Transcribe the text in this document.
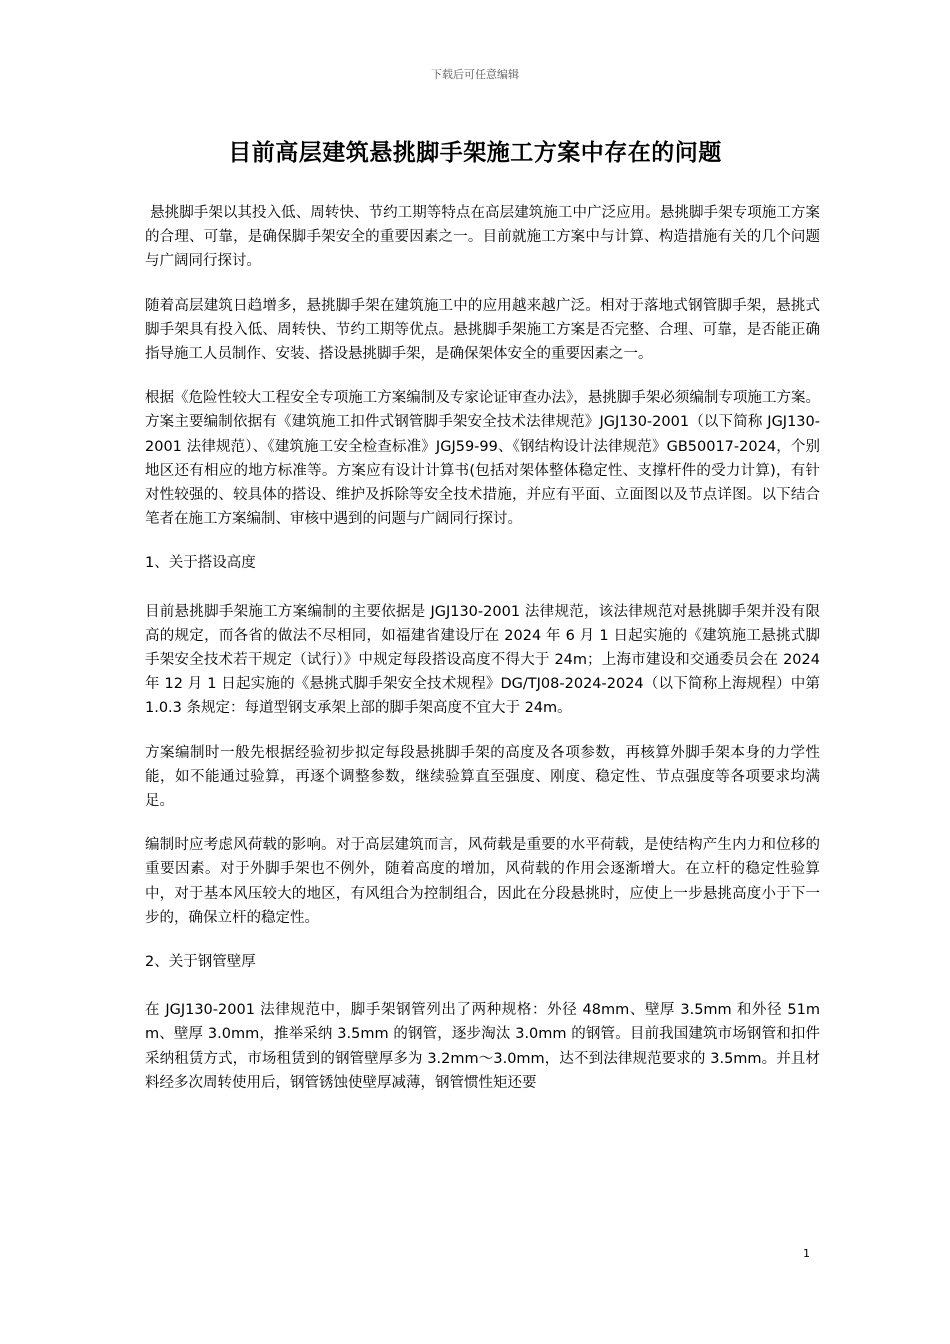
下载后可任意编辑
目前高层建筑悬挑脚手架施工方案中存在的问题

悬挑脚手架以其投入低、周转快、节约工期等特点在高层建筑施工中广泛应用。悬挑脚手架专项施工方案的合理、可靠，是确保脚手架安全的重要因素之一。目前就施工方案中与计算、构造措施有关的几个问题与广阔同行探讨。

随着高层建筑日趋增多，悬挑脚手架在建筑施工中的应用越来越广泛。相对于落地式钢管脚手架，悬挑式脚手架具有投入低、周转快、节约工期等优点。悬挑脚手架施工方案是否完整、合理、可靠，是否能正确指导施工人员制作、安装、搭设悬挑脚手架，是确保架体安全的重要因素之一。

根据《危险性较大工程安全专项施工方案编制及专家论证审查办法》，悬挑脚手架必须编制专项施工方案。方案主要编制依据有《建筑施工扣件式钢管脚手架安全技术法律规范》JGJ130-2001（以下简称 JGJ130-2001 法律规范）、《建筑施工安全检查标准》JGJ59-99、《钢结构设计法律规范》GB50017-2024，个别地区还有相应的地方标准等。方案应有设计计算书(包括对架体整体稳定性、支撑杆件的受力计算)，有针对性较强的、较具体的搭设、维护及拆除等安全技术措施，并应有平面、立面图以及节点详图。以下结合笔者在施工方案编制、审核中遇到的问题与广阔同行探讨。

1、关于搭设高度

目前悬挑脚手架施工方案编制的主要依据是 JGJ130-2001 法律规范，该法律规范对悬挑脚手架并没有限高的规定，而各省的做法不尽相同，如福建省建设厅在 2024 年 6 月 1 日起实施的《建筑施工悬挑式脚手架安全技术若干规定（试行）》中规定每段搭设高度不得大于 24m；上海市建设和交通委员会在 2024 年 12 月 1 日起实施的《悬挑式脚手架安全技术规程》DG/TJ08-2024-2024（以下简称上海规程）中第 1.0.3 条规定：每道型钢支承架上部的脚手架高度不宜大于 24m。

方案编制时一般先根据经验初步拟定每段悬挑脚手架的高度及各项参数，再核算外脚手架本身的力学性能，如不能通过验算，再逐个调整参数，继续验算直至强度、刚度、稳定性、节点强度等各项要求均满足。

编制时应考虑风荷载的影响。对于高层建筑而言，风荷载是重要的水平荷载，是使结构产生内力和位移的重要因素。对于外脚手架也不例外，随着高度的增加，风荷载的作用会逐渐增大。在立杆的稳定性验算中，对于基本风压较大的地区，有风组合为控制组合，因此在分段悬挑时，应使上一步悬挑高度小于下一步的，确保立杆的稳定性。

2、关于钢管壁厚

在 JGJ130-2001 法律规范中，脚手架钢管列出了两种规格：外径 48mm、壁厚 3.5mm 和外径 51mm、壁厚 3.0mm，推举采纳 3.5mm 的钢管，逐步淘汰 3.0mm 的钢管。目前我国建筑市场钢管和扣件采纳租赁方式，市场租赁到的钢管壁厚多为 3.2mm～3.0mm，达不到法律规范要求的 3.5mm。并且材料经多次周转使用后，钢管锈蚀使壁厚减薄，钢管惯性矩还要

1
